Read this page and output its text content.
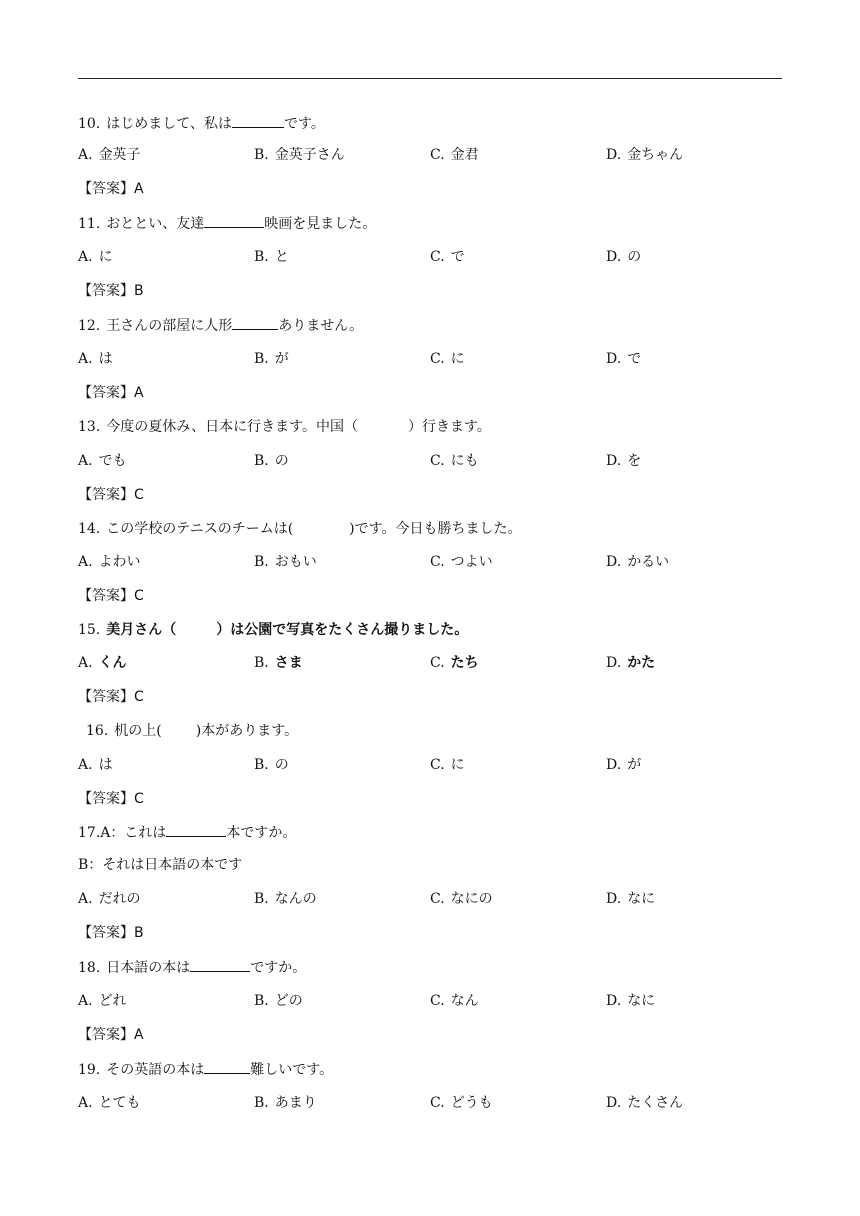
10. はじめまして、私は	です。
A. 金英子	B. 金英子さん	C. 金君	D. 金ちゃん
【答案】A
11. おととい、友達	映画を見ました。
A. に	B. と	C. で	D. の
【答案】B
12. 王さんの部屋に人形	ありません。
A. は	B. が	C. に	D. で
【答案】A
13. 今度の夏休み、日本に行きます。中国（	）行きます。
A. でも	B. の	C. にも	D. を
【答案】C
14. この学校のテニスのチームは(	)です。今日も勝ちました。
A. よわい	B. おもい	C. つよい	D. かるい
【答案】C
15. 美月さん（	）は公園で写真をたくさん撮りました。
A. くん	B. さま	C. たち	D. かた
【答案】C
16. 机の上( )本があります。
A. は	B. の	C. に	D. が
【答案】C
17.A：これは	本ですか。
B：それは日本語の本です
A. だれの	B. なんの	C. なにの	D. なに
【答案】B
18. 日本語の本は	ですか。
A. どれ	B. どの	C. なん	D. なに
【答案】A
19. その英語の本は	難しいです。
A. とても	B. あまり	C. どうも	D. たくさん
